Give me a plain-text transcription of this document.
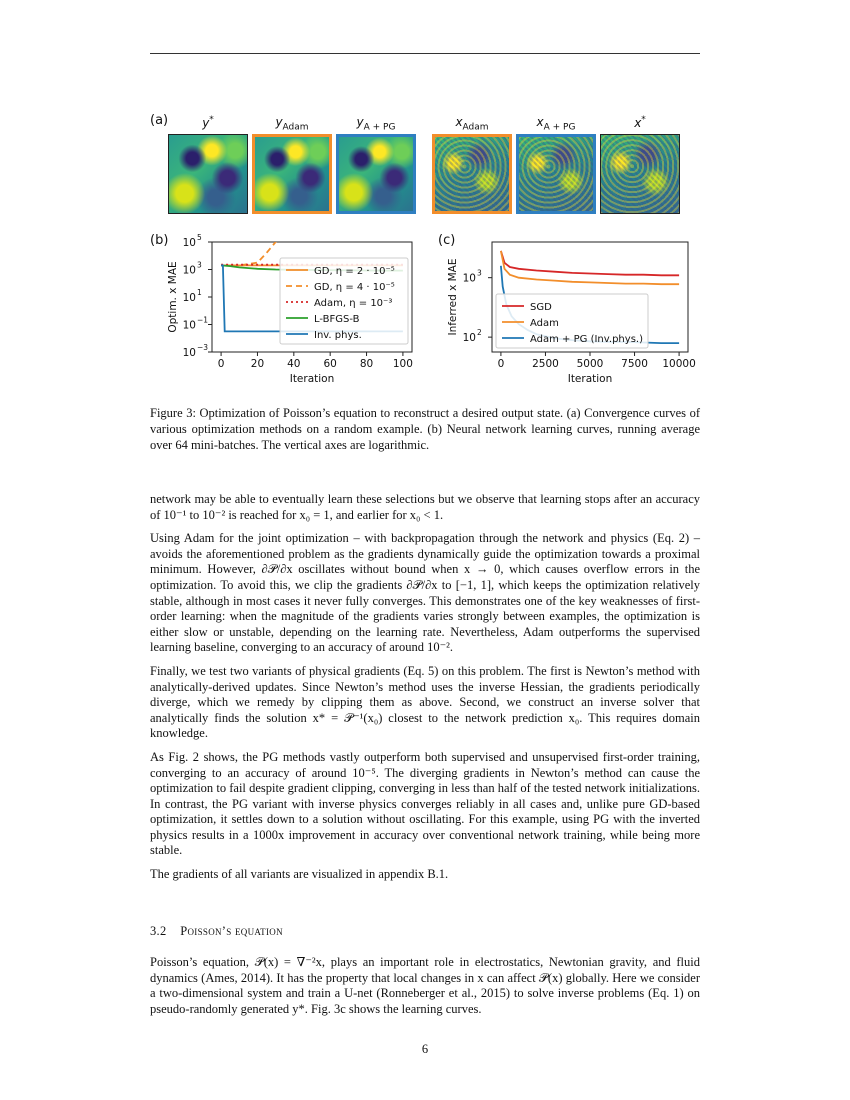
(a)	y*	$y_{Adam}$	$y_{A + PG}$	$x_{Adam}$	$x_{A + PG}$	x*
(b)
0	20 40 60 80 100
10 5
10 3
10 1
10 −1
10 −3
Iteration
Optim. x MAE	GD, η = 2 · 10⁻⁵
GD, η = 4 · 10⁻⁵
Adam, η = 10⁻³
L-BFGS-B
Inv. phys.
(c)
0	2500 5000 7500 10000
10 3
10 2
Iteration
Inferred x MAE	SGD
Adam
Adam + PG (Inv.phys.)
Figure 3: Optimization of Poisson’s equation to reconstruct a desired output state. (a) Convergence curves of various optimization methods on a random example. (b) Neural network learning curves, running average over 64 mini-batches. The vertical axes are logarithmic.

network may be able to eventually learn these selections but we observe that learning stops after an accuracy of 10⁻¹ to 10⁻² is reached for x₀ = 1, and earlier for x₀ < 1.

Using Adam for the joint optimization – with backpropagation through the network and physics (Eq. 2) – avoids the aforementioned problem as the gradients dynamically guide the optimization towards a proximal minimum. However, ∂𝒫/∂x oscillates without bound when x → 0, which causes overflow errors in the optimization. To avoid this, we clip the gradients ∂𝒫/∂x to [−1, 1], which keeps the optimization relatively stable, although in most cases it never fully converges. This demonstrates one of the key weaknesses of first-order learning: when the magnitude of the gradients varies strongly between examples, the optimization is either slow or unstable, depending on the learning rate. Nevertheless, Adam outperforms the supervised learning baseline, converging to an accuracy of around 10⁻².

Finally, we test two variants of physical gradients (Eq. 5) on this problem. The first is Newton’s method with analytically-derived updates. Since Newton’s method uses the inverse Hessian, the gradients periodically diverge, which we remedy by clipping them as above. Second, we construct an inverse solver that analytically finds the solution x* = 𝒫⁻¹(x₀) closest to the network prediction x₀. This requires domain knowledge.

As Fig. 2 shows, the PG methods vastly outperform both supervised and unsupervised first-order training, converging to an accuracy of around 10⁻⁵. The diverging gradients in Newton’s method can cause the optimization to fail despite gradient clipping, converging in less than half of the tested network initializations. In contrast, the PG variant with inverse physics converges reliably in all cases and, unlike pure GD-based optimization, it settles down to a solution without oscillating. For this example, using PG with the inverted physics results in a 1000x improvement in accuracy over conventional network training, while being more stable.

The gradients of all variants are visualized in appendix B.1.

3.2 Poisson’s equation
Poisson’s equation, 𝒫(x) = ∇⁻²x, plays an important role in electrostatics, Newtonian gravity, and fluid dynamics (Ames, 2014). It has the property that local changes in x can affect 𝒫(x) globally. Here we consider a two-dimensional system and train a U-net (Ronneberger et al., 2015) to solve inverse problems (Eq. 1) on pseudo-randomly generated y*. Fig. 3c shows the learning curves.
6
